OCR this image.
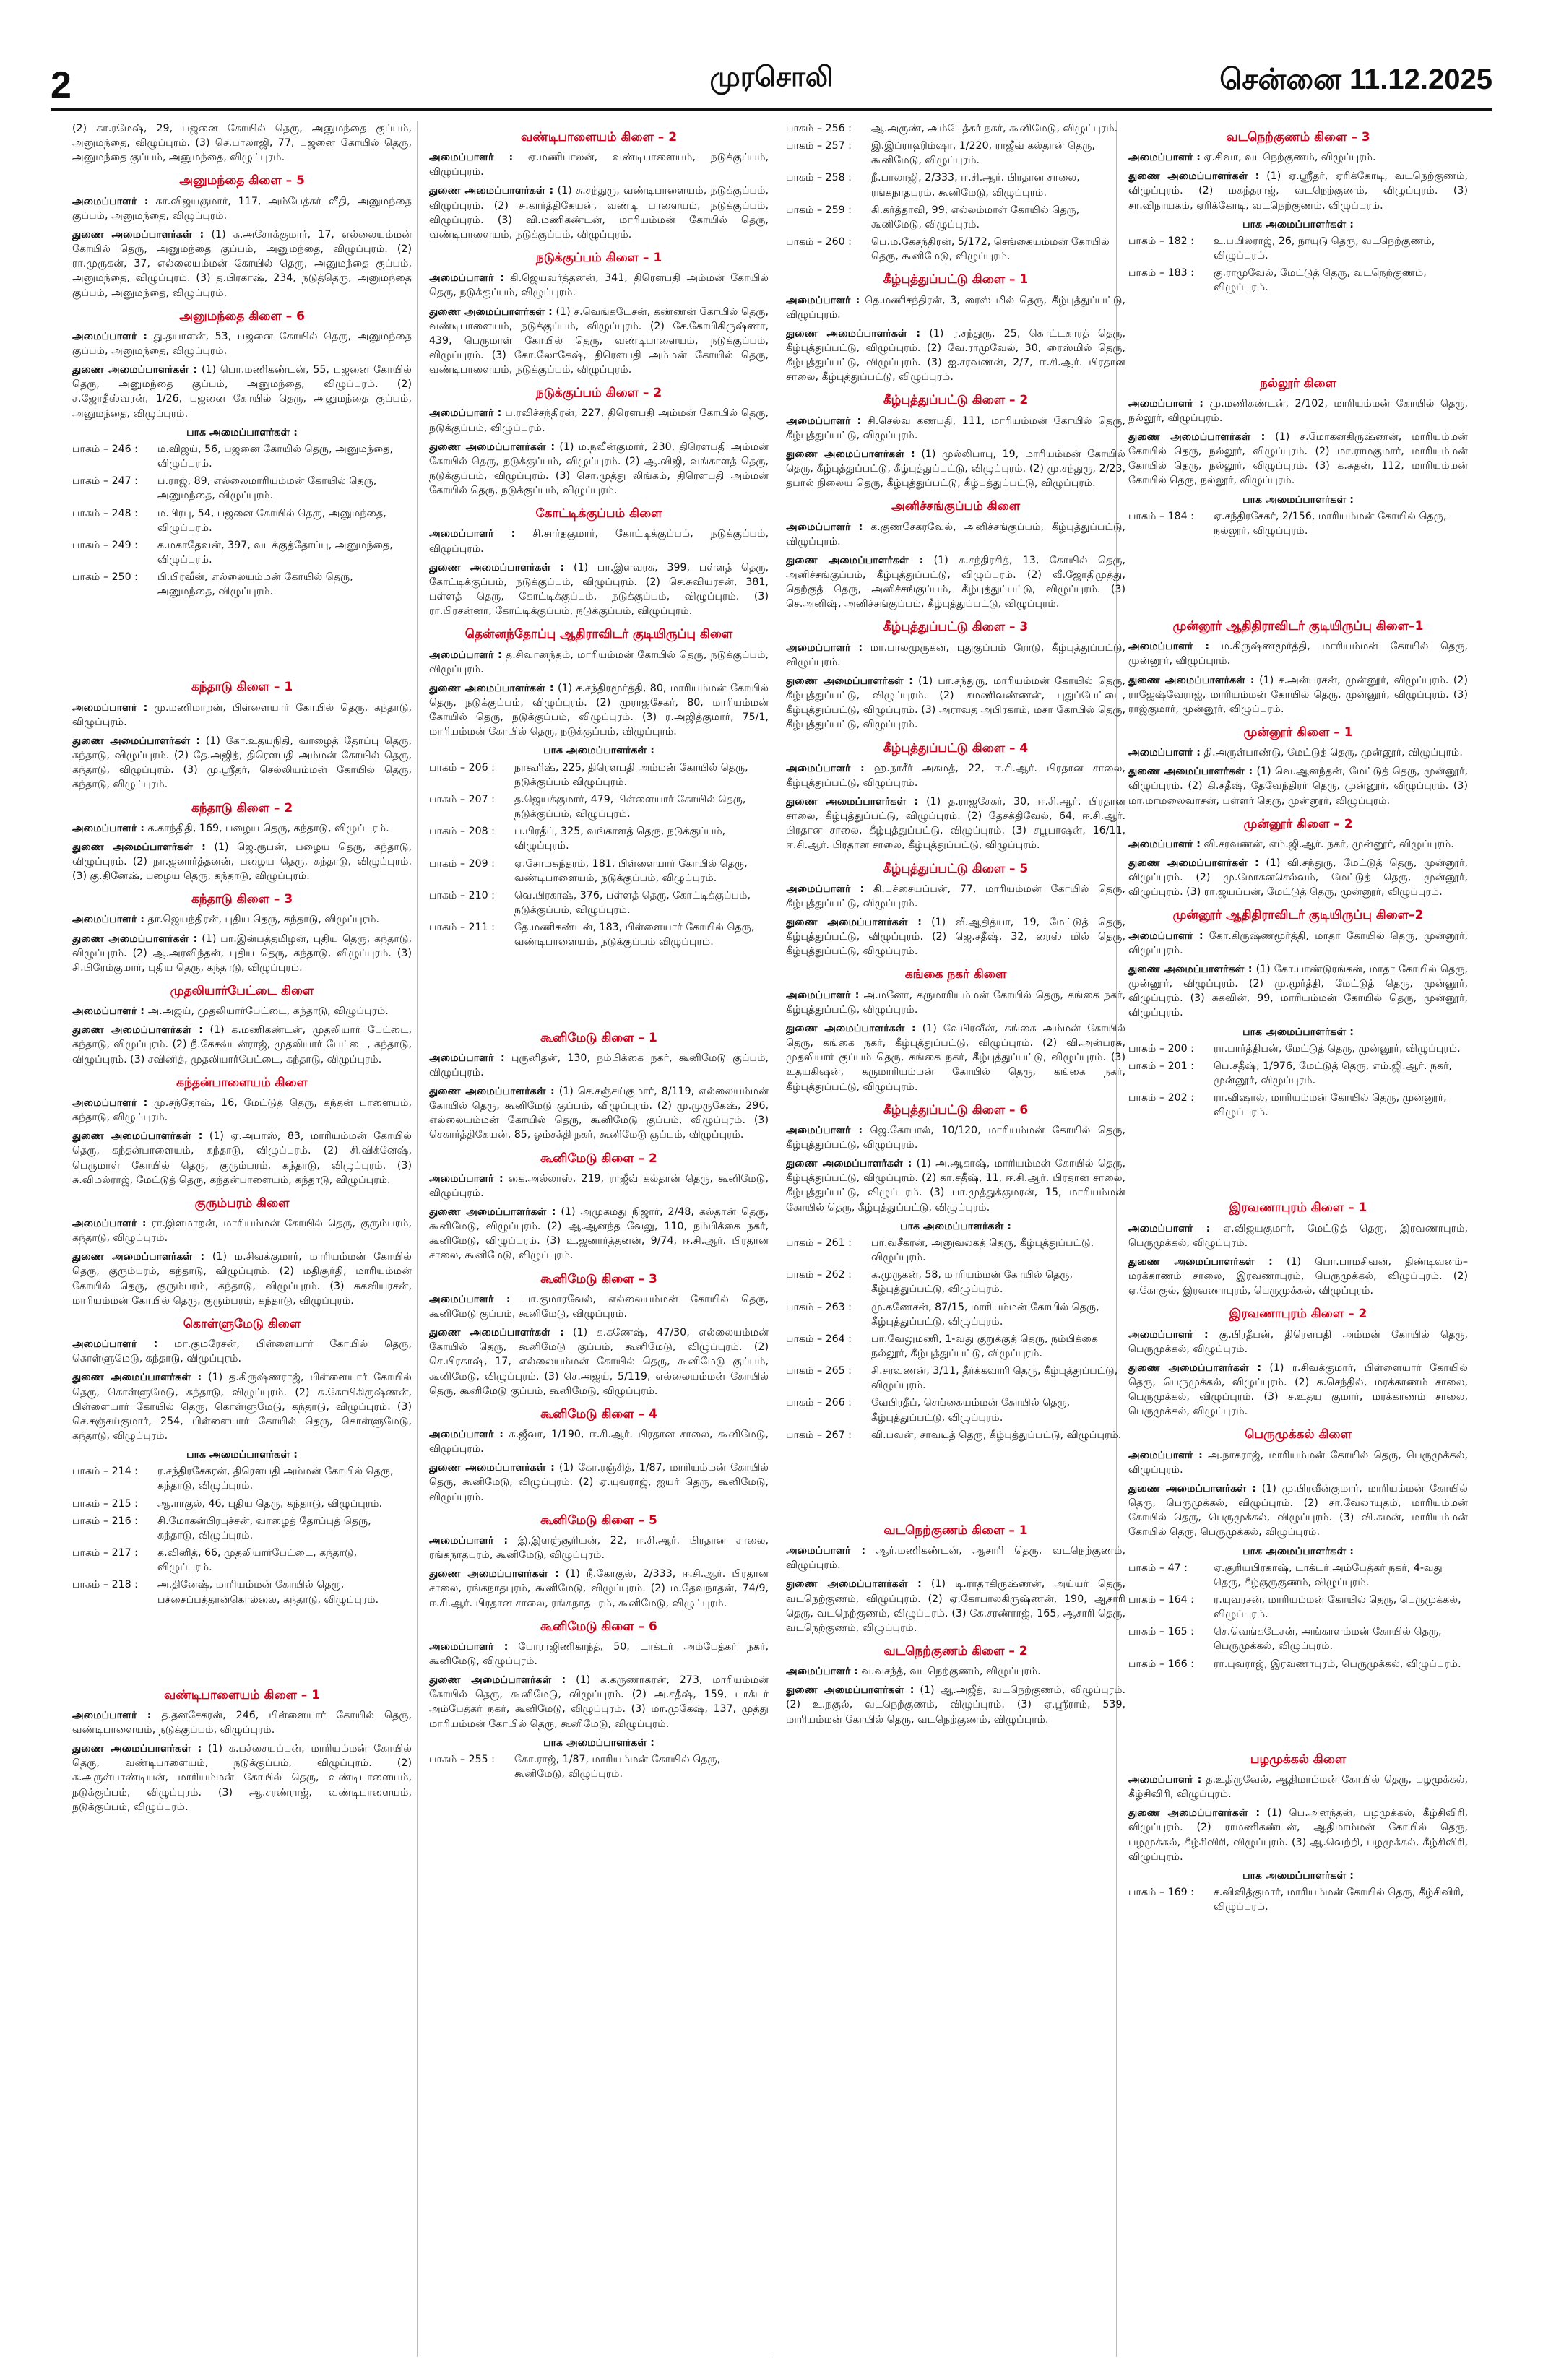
2	முரசொலி	சென்னை 11.12.2025

(2) கா.ரமேஷ், 29, பஜனை கோயில் தெரு, அனுமந்தை குப்பம், அனுமந்தை, விழுப்புரம். (3) செ.பாலாஜி, 77, பஜனை கோயில் தெரு, அனுமந்தை குப்பம், அனுமந்தை, விழுப்புரம்.

அனுமந்தை கிளை – 5

அமைப்பாளர் : கா.விஜயகுமார், 117, அம்பேத்கர் வீதி, அனுமந்தை குப்பம், அனுமந்தை, விழுப்புரம்.

துணை அமைப்பாளர்கள் : (1) க.அசோக்குமார், 17, எல்லையம்மன் கோயில் தெரு, அனுமந்தை குப்பம், அனுமந்தை, விழுப்புரம். (2) ரா.முருகன், 37, எல்லையம்மன் கோயில் தெரு, அனுமந்தை குப்பம், அனுமந்தை, விழுப்புரம். (3) த.பிரகாஷ், 234, நடுத்தெரு, அனுமந்தை குப்பம், அனுமந்தை, விழுப்புரம்.

அனுமந்தை கிளை – 6

அமைப்பாளர் : து.தயாளன், 53, பஜனை கோயில் தெரு, அனுமந்தை குப்பம், அனுமந்தை, விழுப்புரம்.

துணை அமைப்பாளர்கள் : (1) பொ.மணிகண்டன், 55, பஜனை கோயில் தெரு, அனுமந்தை குப்பம், அனுமந்தை, விழுப்புரம். (2) ச.ஜோதீஸ்வரன், 1/26, பஜனை கோயில் தெரு, அனுமந்தை குப்பம், அனுமந்தை, விழுப்புரம்.

பாக அமைப்பாளர்கள் :
பாகம் – 246 :	ம.விஜய், 56, பஜனை கோயில் தெரு, அனுமந்தை, விழுப்புரம்.
பாகம் – 247 :	ப.ராஜ், 89, எல்லைமாரியம்மன் கோயில் தெரு, அனுமந்தை, விழுப்புரம்.
பாகம் – 248 :	ம.பிரபு, 54, பஜனை கோயில் தெரு, அனுமந்தை, விழுப்புரம்.
பாகம் – 249 :	க.மகாதேவன், 397, வடக்குத்தோப்பு, அனுமந்தை, விழுப்புரம்.
பாகம் – 250 :	பி.பிரவீன், எல்லையம்மன் கோயில் தெரு, அனுமந்தை, விழுப்புரம்.
கந்தாடு கிளை – 1

அமைப்பாளர் : மு.மணிமாறன், பிள்ளையார் கோயில் தெரு, கந்தாடு, விழுப்புரம்.

துணை அமைப்பாளர்கள் : (1) கோ.உதயநிதி, வாழைத் தோப்பு தெரு, கந்தாடு, விழுப்புரம். (2) தே.அஜித், திரௌபதி அம்மன் கோயில் தெரு, கந்தாடு, விழுப்புரம். (3) மு.ஸ்ரீதர், செல்லியம்மன் கோயில் தெரு, கந்தாடு, விழுப்புரம்.

கந்தாடு கிளை – 2

அமைப்பாளர் : க.காந்திதி, 169, பழைய தெரு, கந்தாடு, விழுப்புரம்.

துணை அமைப்பாளர்கள் : (1) ஜெ.ரூபன், பழைய தெரு, கந்தாடு, விழுப்புரம். (2) நா.ஜனார்த்தனன், பழைய தெரு, கந்தாடு, விழுப்புரம். (3) கு.தினேஷ், பழைய தெரு, கந்தாடு, விழுப்புரம்.

கந்தாடு கிளை – 3

அமைப்பாளர் : தா.ஜெயந்திரன், புதிய தெரு, கந்தாடு, விழுப்புரம்.

துணை அமைப்பாளர்கள் : (1) பா.இன்பத்தமிழன், புதிய தெரு, கந்தாடு, விழுப்புரம். (2) ஆ.அரவிந்தன், புதிய தெரு, கந்தாடு, விழுப்புரம். (3) சி.பிரேம்குமார், புதிய தெரு, கந்தாடு, விழுப்புரம்.

முதலியார்பேட்டை கிளை

அமைப்பாளர் : அ.அஜய், முதலியார்பேட்டை, கந்தாடு, விழுப்புரம்.

துணை அமைப்பாளர்கள் : (1) க.மணிகண்டன், முதலியார் பேட்டை, கந்தாடு, விழுப்புரம். (2) நீ.கேசவ்டன்ராஜ், முதலியார் பேட்டை, கந்தாடு, விழுப்புரம். (3) சவினித், முதலியார்பேட்டை, கந்தாடு, விழுப்புரம்.

கந்தன்பாளையம் கிளை

அமைப்பாளர் : மு.சந்தோஷ், 16, மேட்டுத் தெரு, கந்தன் பாளையம், கந்தாடு, விழுப்புரம்.

துணை அமைப்பாளர்கள் : (1) ஏ.அபாஸ், 83, மாரியம்மன் கோயில் தெரு, கந்தன்பாளையம், கந்தாடு, விழுப்புரம். (2) சி.விக்னேஷ், பெருமாள் கோயில் தெரு, குரும்பரம், கந்தாடு, விழுப்புரம். (3) சு.விமல்ராஜ், மேட்டுத் தெரு, கந்தன்பாளையம், கந்தாடு, விழுப்புரம்.

குரும்பரம் கிளை

அமைப்பாளர் : ரா.இளமாறன், மாரியம்மன் கோயில் தெரு, குரும்பரம், கந்தாடு, விழுப்புரம்.

துணை அமைப்பாளர்கள் : (1) ம.சிவக்குமார், மாரியம்மன் கோயில் தெரு, குரும்பரம், கந்தாடு, விழுப்புரம். (2) மதிசூர்தி, மாரியம்மன் கோயில் தெரு, குரும்பரம், கந்தாடு, விழுப்புரம். (3) சுகவியரசன், மாரியம்மன் கோயில் தெரு, குரும்பரம், கந்தாடு, விழுப்புரம்.

கொள்ளுமேடு கிளை

அமைப்பாளர் : மா.குமரேசன், பிள்ளையார் கோயில் தெரு, கொள்ளுமேடு, கந்தாடு, விழுப்புரம்.

துணை அமைப்பாளர்கள் : (1) த.கிருஷ்ணராஜ், பிள்ளையார் கோயில் தெரு, கொள்ளுமேடு, கந்தாடு, விழுப்புரம். (2) சு.கோபிகிருஷ்ணன், பிள்ளையார் கோயில் தெரு, கொள்ளுமேடு, கந்தாடு, விழுப்புரம். (3) செ.சஞ்சய்குமார், 254, பிள்ளையார் கோயில் தெரு, கொள்ளுமேடு, கந்தாடு, விழுப்புரம்.

பாக அமைப்பாளர்கள் :
பாகம் – 214 :	ர.சந்திரசேகரன், திரௌபதி அம்மன் கோயில் தெரு, கந்தாடு, விழுப்புரம்.
பாகம் – 215 :	ஆ.ராகுல், 46, புதிய தெரு, கந்தாடு, விழுப்புரம்.
பாகம் – 216 :	சி.மோகன்பிரபுச்சன், வாழைத் தோப்புத் தெரு, கந்தாடு, விழுப்புரம்.
பாகம் – 217 :	க.வினித், 66, முதலியார்பேட்டை, கந்தாடு, விழுப்புரம்.
பாகம் – 218 :	அ.தினேஷ், மாரியம்மன் கோயில் தெரு, பச்சைப்பத்தான்கொல்லை, கந்தாடு, விழுப்புரம்.
வண்டிபாளையம் கிளை – 1

அமைப்பாளர் : த.தனசேகரன், 246, பிள்ளையார் கோயில் தெரு, வண்டிபாளையம், நடுக்குப்பம், விழுப்புரம்.

துணை அமைப்பாளர்கள் : (1) க.பச்சையப்பன், மாரியம்மன் கோயில் தெரு, வண்டிபாளையம், நடுக்குப்பம், விழுப்புரம். (2) க.அருள்பாண்டியன், மாரியம்மன் கோயில் தெரு, வண்டிபாளையம், நடுக்குப்பம், விழுப்புரம். (3) ஆ.சரண்ராஜ், வண்டிபாளையம், நடுக்குப்பம், விழுப்புரம்.

வண்டிபாளையம் கிளை – 2

அமைப்பாளர் : ஏ.மணிபாலன், வண்டிபாளையம், நடுக்குப்பம், விழுப்புரம்.

துணை அமைப்பாளர்கள் : (1) சு.சந்துரு, வண்டிபாளையம், நடுக்குப்பம், விழுப்புரம். (2) சு.கார்த்திகேயன், வண்டி பாளையம், நடுக்குப்பம், விழுப்புரம். (3) வி.மணிகண்டன், மாரியம்மன் கோயில் தெரு, வண்டிபாளையம், நடுக்குப்பம், விழுப்புரம்.

நடுக்குப்பம் கிளை – 1

அமைப்பாளர் : கி.ஜெயவர்த்தனன், 341, திரௌபதி அம்மன் கோயில் தெரு, நடுக்குப்பம், விழுப்புரம்.

துணை அமைப்பாளர்கள் : (1) ச.வெங்கடேசன், கண்ணன் கோயில் தெரு, வண்டிபாளையம், நடுக்குப்பம், விழுப்புரம். (2) சே.கோபிகிருஷ்ணா, 439, பெருமாள் கோயில் தெரு, வண்டிபாளையம், நடுக்குப்பம், விழுப்புரம். (3) கோ.லோகேஷ், திரௌபதி அம்மன் கோயில் தெரு, வண்டிபாளையம், நடுக்குப்பம், விழுப்புரம்.

நடுக்குப்பம் கிளை – 2

அமைப்பாளர் : ப.ரவிச்சந்திரன், 227, திரௌபதி அம்மன் கோயில் தெரு, நடுக்குப்பம், விழுப்புரம்.

துணை அமைப்பாளர்கள் : (1) ம.நவீன்குமார், 230, திரௌபதி அம்மன் கோயில் தெரு, நடுக்குப்பம், விழுப்புரம். (2) ஆ.விஜி, வங்காளத் தெரு, நடுக்குப்பம், விழுப்புரம். (3) சொ.முத்து லிங்கம், திரௌபதி அம்மன் கோயில் தெரு, நடுக்குப்பம், விழுப்புரம்.

கோட்டிக்குப்பம் கிளை

அமைப்பாளர் : சி.சார்தகுமார், கோட்டிக்குப்பம், நடுக்குப்பம், விழுப்புரம்.

துணை அமைப்பாளர்கள் : (1) பா.இளவரசு, 399, பள்ளத் தெரு, கோட்டிக்குப்பம், நடுக்குப்பம், விழுப்புரம். (2) செ.சுவியரசன், 381, பள்ளத் தெரு, கோட்டிக்குப்பம், நடுக்குப்பம், விழுப்புரம். (3) ரா.பிரசன்னா, கோட்டிக்குப்பம், நடுக்குப்பம், விழுப்புரம்.

தென்னந்தோப்பு ஆதிராவிடர் குடியிருப்பு கிளை

அமைப்பாளர் : த.சிவானந்தம், மாரியம்மன் கோயில் தெரு, நடுக்குப்பம், விழுப்புரம்.

துணை அமைப்பாளர்கள் : (1) ச.சந்திரமூர்த்தி, 80, மாரியம்மன் கோயில் தெரு, நடுக்குப்பம், விழுப்புரம். (2) முராஜசேகர், 80, மாரியம்மன் கோயில் தெரு, நடுக்குப்பம், விழுப்புரம். (3) ர.அஜித்குமார், 75/1, மாரியம்மன் கோயில் தெரு, நடுக்குப்பம், விழுப்புரம்.

பாக அமைப்பாளர்கள் :
பாகம் – 206 :	நாகூரிஷ், 225, திரௌபதி அம்மன் கோயில் தெரு, நடுக்குப்பம் விழுப்புரம்.
பாகம் – 207 :	த.ஜெயக்குமார், 479, பிள்ளையார் கோயில் தெரு, நடுக்குப்பம், விழுப்புரம்.
பாகம் – 208 :	ப.பிரதீப், 325, வங்காளத் தெரு, நடுக்குப்பம், விழுப்புரம்.
பாகம் – 209 :	ஏ.சோமசுந்தரம், 181, பிள்ளையார் கோயில் தெரு, வண்டிபாளையம், நடுக்குப்பம், விழுப்புரம்.
பாகம் – 210 :	வெ.பிரகாஷ், 376, பள்ளத் தெரு, கோட்டிக்குப்பம், நடுக்குப்பம், விழுப்புரம்.
பாகம் – 211 :	தே.மணிகண்டன், 183, பிள்ளையார் கோயில் தெரு, வண்டிபாளையம், நடுக்குப்பம் விழுப்புரம்.
கூனிமேடு கிளை – 1

அமைப்பாளர் : புருனிதன், 130, நம்பிக்கை நகர், கூனிமேடு குப்பம், விழுப்புரம்.

துணை அமைப்பாளர்கள் : (1) செ.சஞ்சய்குமார், 8/119, எல்லையம்மன் கோயில் தெரு, கூனிமேடு குப்பம், விழுப்புரம். (2) மு.முருகேஷ், 296, எல்லையம்மன் கோயில் தெரு, கூனிமேடு குப்பம், விழுப்புரம். (3) செகார்த்திகேயன், 85, ஓம்சக்தி நகர், கூனிமேடு குப்பம், விழுப்புரம்.

கூனிமேடு கிளை – 2

அமைப்பாளர் : கை.அல்லாஸ், 219, ராஜீவ் கல்தான் தெரு, கூனிமேடு, விழுப்புரம்.

துணை அமைப்பாளர்கள் : (1) அமுகமது நிஜார், 2/48, கல்தான் தெரு, கூனிமேடு, விழுப்புரம். (2) ஆ.ஆனந்த வேலு, 110, நம்பிக்கை நகர், கூனிமேடு, விழுப்புரம். (3) உ.ஜனார்த்தனன், 9/74, ஈ.சி.ஆர். பிரதான சாலை, கூனிமேடு, விழுப்புரம்.

கூனிமேடு கிளை – 3

அமைப்பாளர் : பா.குமாரவேல், எல்லையம்மன் கோயில் தெரு, கூனிமேடு குப்பம், கூனிமேடு, விழுப்புரம்.

துணை அமைப்பாளர்கள் : (1) க.கணேஷ், 47/30, எல்லையம்மன் கோயில் தெரு, கூனிமேடு குப்பம், கூனிமேடு, விழுப்புரம். (2) செ.பிரகாஷ், 17, எல்லையம்மன் கோயில் தெரு, கூனிமேடு குப்பம், கூனிமேடு, விழுப்புரம். (3) செ.அஜய், 5/119, எல்லையம்மன் கோயில் தெரு, கூனிமேடு குப்பம், கூனிமேடு, விழுப்புரம்.

கூனிமேடு கிளை – 4

அமைப்பாளர் : க.ஜீவா, 1/190, ஈ.சி.ஆர். பிரதான சாலை, கூனிமேடு, விழுப்புரம்.

துணை அமைப்பாளர்கள் : (1) கோ.ரஞ்சித், 1/87, மாரியம்மன் கோயில் தெரு, கூனிமேடு, விழுப்புரம். (2) ஏ.யுவராஜ், ஐயர் தெரு, கூனிமேடு, விழுப்புரம்.

கூனிமேடு கிளை – 5

அமைப்பாளர் : இ.இளஞ்சூரியன், 22, ஈ.சி.ஆர். பிரதான சாலை, ரங்கநாதபுரம், கூனிமேடு, விழுப்புரம்.

துணை அமைப்பாளர்கள் : (1) நீ.கோகுல், 2/333, ஈ.சி.ஆர். பிரதான சாலை, ரங்கநாதபுரம், கூனிமேடு, விழுப்புரம். (2) ம.தேவநாதன், 74/9, ஈ.சி.ஆர். பிரதான சாலை, ரங்கநாதபுரம், கூனிமேடு, விழுப்புரம்.

கூனிமேடு கிளை – 6

அமைப்பாளர் : போராஜிணிகாந்த், 50, டாக்டர் அம்பேத்கர் நகர், கூனிமேடு, விழுப்புரம்.

துணை அமைப்பாளர்கள் : (1) க.கருணாகரன், 273, மாரியம்மன் கோயில் தெரு, கூனிமேடு, விழுப்புரம். (2) அ.சதீஷ், 159, டாக்டர் அம்பேத்கர் நகர், கூனிமேடு, விழுப்புரம். (3) மா.முகேஷ், 137, முத்து மாரியம்மன் கோயில் தெரு, கூனிமேடு, விழுப்புரம்.

பாக அமைப்பாளர்கள் :
பாகம் – 255 :	கோ.ராஜ், 1/87, மாரியம்மன் கோயில் தெரு, கூனிமேடு, விழுப்புரம்.
பாகம் – 256 :	ஆ.அருண், அம்பேத்கர் நகர், கூனிமேடு, விழுப்புரம்.
பாகம் – 257 :	இ.இப்ராஹிம்ஷா, 1/220, ராஜீவ் கல்தான் தெரு, கூனிமேடு, விழுப்புரம்.
பாகம் – 258 :	நீ.பாலாஜி, 2/333, ஈ.சி.ஆர். பிரதான சாலை, ரங்கநாதபுரம், கூனிமேடு, விழுப்புரம்.
பாகம் – 259 :	கி.கர்த்தாவி, 99, எல்லம்மாள் கோயில் தெரு, கூனிமேடு, விழுப்புரம்.
பாகம் – 260 :	பெ.ம.கேசந்திரன், 5/172, செங்கையம்மன் கோயில் தெரு, கூனிமேடு, விழுப்புரம்.
கீழ்புத்துப்பட்டு கிளை – 1

அமைப்பாளர் : தெ.மணிசந்திரன், 3, ரைஸ் மில் தெரு, கீழ்புத்துப்பட்டு, விழுப்புரம்.

துணை அமைப்பாளர்கள் : (1) ர.சந்துரு, 25, கொட்டகாரத் தெரு, கீழ்புத்துப்பட்டு, விழுப்புரம். (2) வே.ராமுவேல், 30, ரைஸ்மில் தெரு, கீழ்புத்துப்பட்டு, விழுப்புரம். (3) ஐ.சரவணன், 2/7, ஈ.சி.ஆர். பிரதான சாலை, கீழ்புத்துப்பட்டு, விழுப்புரம்.

கீழ்புத்துப்பட்டு கிளை – 2

அமைப்பாளர் : சி.செல்வ கணபதி, 111, மாரியம்மன் கோயில் தெரு, கீழ்புத்துப்பட்டு, விழுப்புரம்.

துணை அமைப்பாளர்கள் : (1) முல்லிபாபு, 19, மாரியம்மன் கோயில் தெரு, கீழ்புத்துப்பட்டு, கீழ்புத்துப்பட்டு, விழுப்புரம். (2) மு.சந்துரு, 2/23, தபால் நிலைய தெரு, கீழ்புத்துப்பட்டு, கீழ்புத்துப்பட்டு, விழுப்புரம்.

அனிச்சங்குப்பம் கிளை

அமைப்பாளர் : க.குணசேகரவேல், அனிச்சங்குப்பம், கீழ்புத்துப்பட்டு, விழுப்புரம்.

துணை அமைப்பாளர்கள் : (1) க.சந்திரசித், 13, கோயில் தெரு, அனிச்சங்குப்பம், கீழ்புத்துப்பட்டு, விழுப்புரம். (2) வீ.ஜோதிமுத்து, தெற்குத் தெரு, அனிச்சங்குப்பம், கீழ்புத்துப்பட்டு, விழுப்புரம். (3) செ.அனிஷ், அனிச்சங்குப்பம், கீழ்புத்துப்பட்டு, விழுப்புரம்.

கீழ்புத்துப்பட்டு கிளை – 3

அமைப்பாளர் : மா.பாலமுருகன், புதுகுப்பம் ரோடு, கீழ்புத்துப்பட்டு, விழுப்புரம்.

துணை அமைப்பாளர்கள் : (1) பா.சந்துரு, மாரியம்மன் கோயில் தெரு, கீழ்புத்துப்பட்டு, விழுப்புரம். (2) சமணிவண்ணன், புதுப்பேட்டை, கீழ்புத்துப்பட்டு, விழுப்புரம். (3) அராவத அபிரகாம், மசா கோயில் தெரு, கீழ்புத்துப்பட்டு, விழுப்புரம்.

கீழ்புத்துப்பட்டு கிளை – 4

அமைப்பாளர் : ஹ.நாசீர் அகமத், 22, ஈ.சி.ஆர். பிரதான சாலை, கீழ்புத்துப்பட்டு, விழுப்புரம்.

துணை அமைப்பாளர்கள் : (1) த.ராஜசேகர், 30, ஈ.சி.ஆர். பிரதான சாலை, கீழ்புத்துப்பட்டு, விழுப்புரம். (2) தேசக்திவேல், 64, ஈ.சி.ஆர். பிரதான சாலை, கீழ்புத்துப்பட்டு, விழுப்புரம். (3) சபூபாஷன், 16/11, ஈ.சி.ஆர். பிரதான சாலை, கீழ்புத்துப்பட்டு, விழுப்புரம்.

கீழ்புத்துப்பட்டு கிளை – 5

அமைப்பாளர் : கி.பச்சையப்பன், 77, மாரியம்மன் கோயில் தெரு, கீழ்புத்துப்பட்டு, விழுப்புரம்.

துணை அமைப்பாளர்கள் : (1) வீ.ஆதித்யா, 19, மேட்டுத் தெரு, கீழ்புத்துப்பட்டு, விழுப்புரம். (2) ஜெ.சதீஷ், 32, ரைஸ் மில் தெரு, கீழ்புத்துப்பட்டு, விழுப்புரம்.

கங்கை நகர் கிளை

அமைப்பாளர் : அ.மனோ, கருமாரியம்மன் கோயில் தெரு, கங்கை நகர், கீழ்புத்துப்பட்டு, விழுப்புரம்.

துணை அமைப்பாளர்கள் : (1) வேபிரவீன், கங்கை அம்மன் கோயில் தெரு, கங்கை நகர், கீழ்புத்துப்பட்டு, விழுப்புரம். (2) வி.அன்பரசு, முதலியார் குப்பம் தெரு, கங்கை நகர், கீழ்புத்துப்பட்டு, விழுப்புரம். (3) உதயகிஷன், கருமாரியம்மன் கோயில் தெரு, கங்கை நகர், கீழ்புத்துப்பட்டு, விழுப்புரம்.

கீழ்புத்துப்பட்டு கிளை – 6

அமைப்பாளர் : ஜெ.கோபால், 10/120, மாரியம்மன் கோயில் தெரு, கீழ்புத்துப்பட்டு, விழுப்புரம்.

துணை அமைப்பாளர்கள் : (1) அ.ஆகாஷ், மாரியம்மன் கோயில் தெரு, கீழ்புத்துப்பட்டு, விழுப்புரம். (2) கா.சதீஷ், 11, ஈ.சி.ஆர். பிரதான சாலை, கீழ்புத்துப்பட்டு, விழுப்புரம். (3) பா.முத்துக்குமரன், 15, மாரியம்மன் கோயில் தெரு, கீழ்புத்துப்பட்டு, விழுப்புரம்.

பாக அமைப்பாளர்கள் :
பாகம் – 261 :	பா.வசீகரன், அனுவலகத் தெரு, கீழ்புத்துப்பட்டு, விழுப்புரம்.
பாகம் – 262 :	க.முருகன், 58, மாரியம்மன் கோயில் தெரு, கீழ்புத்துப்பட்டு, விழுப்புரம்.
பாகம் – 263 :	மு.கணேசன், 87/15, மாரியம்மன் கோயில் தெரு, கீழ்புத்துப்பட்டு, விழுப்புரம்.
பாகம் – 264 :	பா.வேலுமணி, 1-வது குறுக்குத் தெரு, நம்பிக்கை நல்லூர், கீழ்புத்துப்பட்டு, விழுப்புரம்.
பாகம் – 265 :	சி.சரவணன், 3/11, தீர்க்கவாரி தெரு, கீழ்புத்துப்பட்டு, விழுப்புரம்.
பாகம் – 266 :	வேபிரதீப், செங்கையம்மன் கோயில் தெரு, கீழ்புத்துப்பட்டு, விழுப்புரம்.
பாகம் – 267 :	வி.பவன், சாவடித் தெரு, கீழ்புத்துப்பட்டு, விழுப்புரம்.
வடநெற்குணம் கிளை – 1

அமைப்பாளர் : ஆர்.மணிகண்டன், ஆசாரி தெரு, வடநெற்குணம், விழுப்புரம்.

துணை அமைப்பாளர்கள் : (1) டி.ராதாகிருஷ்ணன், அய்யர் தெரு, வடநெற்குணம், விழுப்புரம். (2) ஏ.கோபாலகிருஷ்ணன், 190, ஆசாரி தெரு, வடநெற்குணம், விழுப்புரம். (3) கே.சரண்ராஜ், 165, ஆசாரி தெரு, வடநெற்குணம், விழுப்புரம்.

வடநெற்குணம் கிளை – 2

அமைப்பாளர் : வ.வசந்த், வடநெற்குணம், விழுப்புரம்.

துணை அமைப்பாளர்கள் : (1) ஆ.அஜீத், வடநெற்குணம், விழுப்புரம். (2) உ.நகுல், வடநெற்குணம், விழுப்புரம். (3) ஏ.ஸ்ரீராம், 539, மாரியம்மன் கோயில் தெரு, வடநெற்குணம், விழுப்புரம்.

வடநெற்குணம் கிளை – 3

அமைப்பாளர் : ஏ.சிவா, வடநெற்குணம், விழுப்புரம்.

துணை அமைப்பாளர்கள் : (1) ஏ.ஸ்ரீதர், ஏரிக்கோடி, வடநெற்குணம், விழுப்புரம். (2) மகந்தராஜ், வடநெற்குணம், விழுப்புரம். (3) சா.விநாயகம், ஏரிக்கோடி, வடநெற்குணம், விழுப்புரம்.

பாக அமைப்பாளர்கள் :
பாகம் – 182 :	உ.பயிலராஜ், 26, நாயுடு தெரு, வடநெற்குணம், விழுப்புரம்.
பாகம் – 183 :	கு.ராமுவேல், மேட்டுத் தெரு, வடநெற்குணம், விழுப்புரம்.
நல்லூர் கிளை

அமைப்பாளர் : மு.மணிகண்டன், 2/102, மாரியம்மன் கோயில் தெரு, நல்லூர், விழுப்புரம்.

துணை அமைப்பாளர்கள் : (1) ச.மோகனகிருஷ்ணன், மாரியம்மன் கோயில் தெரு, நல்லூர், விழுப்புரம். (2) மா.ராமகுமார், மாரியம்மன் கோயில் தெரு, நல்லூர், விழுப்புரம். (3) க.சுதன், 112, மாரியம்மன் கோயில் தெரு, நல்லூர், விழுப்புரம்.

பாக அமைப்பாளர்கள் :
பாகம் – 184 :	ஏ.சந்திரசேகர், 2/156, மாரியம்மன் கோயில் தெரு, நல்லூர், விழுப்புரம்.
முன்னூர் ஆதிதிராவிடர் குடியிருப்பு கிளை–1

அமைப்பாளர் : ம.கிருஷ்ணமூர்த்தி, மாரியம்மன் கோயில் தெரு, முன்னூர், விழுப்புரம்.

துணை அமைப்பாளர்கள் : (1) ச.அன்பரசன், முன்னூர், விழுப்புரம். (2) ராஜேஷ்வேராஜ், மாரியம்மன் கோயில் தெரு, முன்னூர், விழுப்புரம். (3) ராஜ்குமார், முன்னூர், விழுப்புரம்.

முன்னூர் கிளை – 1

அமைப்பாளர் : தி.அருள்பாண்டு, மேட்டுத் தெரு, முன்னூர், விழுப்புரம்.

துணை அமைப்பாளர்கள் : (1) வெ.ஆனந்தன், மேட்டுத் தெரு, முன்னூர், விழுப்புரம். (2) கி.சதீஷ், தேவேந்திரர் தெரு, முன்னூர், விழுப்புரம். (3) மா.மாமலைவாசன், பள்ளர் தெரு, முன்னூர், விழுப்புரம்.

முன்னூர் கிளை – 2

அமைப்பாளர் : வி.சரவணன், எம்.ஜி.ஆர். நகர், முன்னூர், விழுப்புரம்.

துணை அமைப்பாளர்கள் : (1) வி.சந்துரு, மேட்டுத் தெரு, முன்னூர், விழுப்புரம். (2) மு.மோகனசெல்வம், மேட்டுத் தெரு, முன்னூர், விழுப்புரம். (3) ரா.ஜயப்பன், மேட்டுத் தெரு, முன்னூர், விழுப்புரம்.

முன்னூர் ஆதிதிராவிடர் குடியிருப்பு கிளை–2

அமைப்பாளர் : கோ.கிருஷ்ணமூர்த்தி, மாதா கோயில் தெரு, முன்னூர், விழுப்புரம்.

துணை அமைப்பாளர்கள் : (1) கோ.பாண்டுரங்கன், மாதா கோயில் தெரு, முன்னூர், விழுப்புரம். (2) மு.மூர்த்தி, மேட்டுத் தெரு, முன்னூர், விழுப்புரம். (3) சுகவின், 99, மாரியம்மன் கோயில் தெரு, முன்னூர், விழுப்புரம்.

பாக அமைப்பாளர்கள் :
பாகம் – 200 :	ரா.பார்த்திபன், மேட்டுத் தெரு, முன்னூர், விழுப்புரம்.
பாகம் – 201 :	பெ.சதீஷ், 1/976, மேட்டுத் தெரு, எம்.ஜி.ஆர். நகர், முன்னூர், விழுப்புரம்.
பாகம் – 202 :	ரா.விஷால், மாரியம்மன் கோயில் தெரு, முன்னூர், விழுப்புரம்.
இரவணாபுரம் கிளை – 1

அமைப்பாளர் : ஏ.விஜயகுமார், மேட்டுத் தெரு, இரவணாபுரம், பெருமுக்கல், விழுப்புரம்.

துணை அமைப்பாளர்கள் : (1) பொ.பரமசிவன், திண்டிவனம்–மரக்காணம் சாலை, இரவணாபுரம், பெருமுக்கல், விழுப்புரம். (2) ஏ.கோகுல், இரவணாபுரம், பெருமுக்கல், விழுப்புரம்.

இரவணாபுரம் கிளை – 2

அமைப்பாளர் : கு.பிரதீபன், திரௌபதி அம்மன் கோயில் தெரு, பெருமுக்கல், விழுப்புரம்.

துணை அமைப்பாளர்கள் : (1) ர.சிவக்குமார், பிள்ளையார் கோயில் தெரு, பெருமுக்கல், விழுப்புரம். (2) க.செந்தில், மரக்காணம் சாலை, பெருமுக்கல், விழுப்புரம். (3) ச.உதய குமார், மரக்காணம் சாலை, பெருமுக்கல், விழுப்புரம்.

பெருமுக்கல் கிளை

அமைப்பாளர் : அ.நாகராஜ், மாரியம்மன் கோயில் தெரு, பெருமுக்கல், விழுப்புரம்.

துணை அமைப்பாளர்கள் : (1) மு.பிரவீன்குமார், மாரியம்மன் கோயில் தெரு, பெருமுக்கல், விழுப்புரம். (2) சா.வேலாயுதம், மாரியம்மன் கோயில் தெரு, பெருமுக்கல், விழுப்புரம். (3) வி.சுமன், மாரியம்மன் கோயில் தெரு, பெருமுக்கல், விழுப்புரம்.

பாக அமைப்பாளர்கள் :
பாகம் – 47 :	ஏ.சூரியபிரகாஷ், டாக்டர் அம்பேத்கர் நகர், 4-வது தெரு, கீழ்குருகுணம், விழுப்புரம்.
பாகம் – 164 :	ர.யுவரசன், மாரியம்மன் கோயில் தெரு, பெருமுக்கல், விழுப்புரம்.
பாகம் – 165 :	செ.வெங்கடேசன், அங்காளம்மன் கோயில் தெரு, பெருமுக்கல், விழுப்புரம்.
பாகம் – 166 :	ரா.புவராஜ், இரவணாபுரம், பெருமுக்கல், விழுப்புரம்.
பழமுக்கல் கிளை

அமைப்பாளர் : த.உதிருவேல், ஆதிமாம்மன் கோயில் தெரு, பழமுக்கல், கீழ்சிவிரி, விழுப்புரம்.

துணை அமைப்பாளர்கள் : (1) பெ.அனந்தன், பழமுக்கல், கீழ்சிவிரி, விழுப்புரம். (2) ராமணிகண்டன், ஆதிமாம்மன் கோயில் தெரு, பழமுக்கல், கீழ்சிவிரி, விழுப்புரம். (3) ஆ.வெற்றி, பழமுக்கல், கீழ்சிவிரி, விழுப்புரம்.

பாக அமைப்பாளர்கள் :
பாகம் – 169 :	ச.விவித்குமார், மாரியம்மன் கோயில் தெரு, கீழ்சிவிரி, விழுப்புரம்.
